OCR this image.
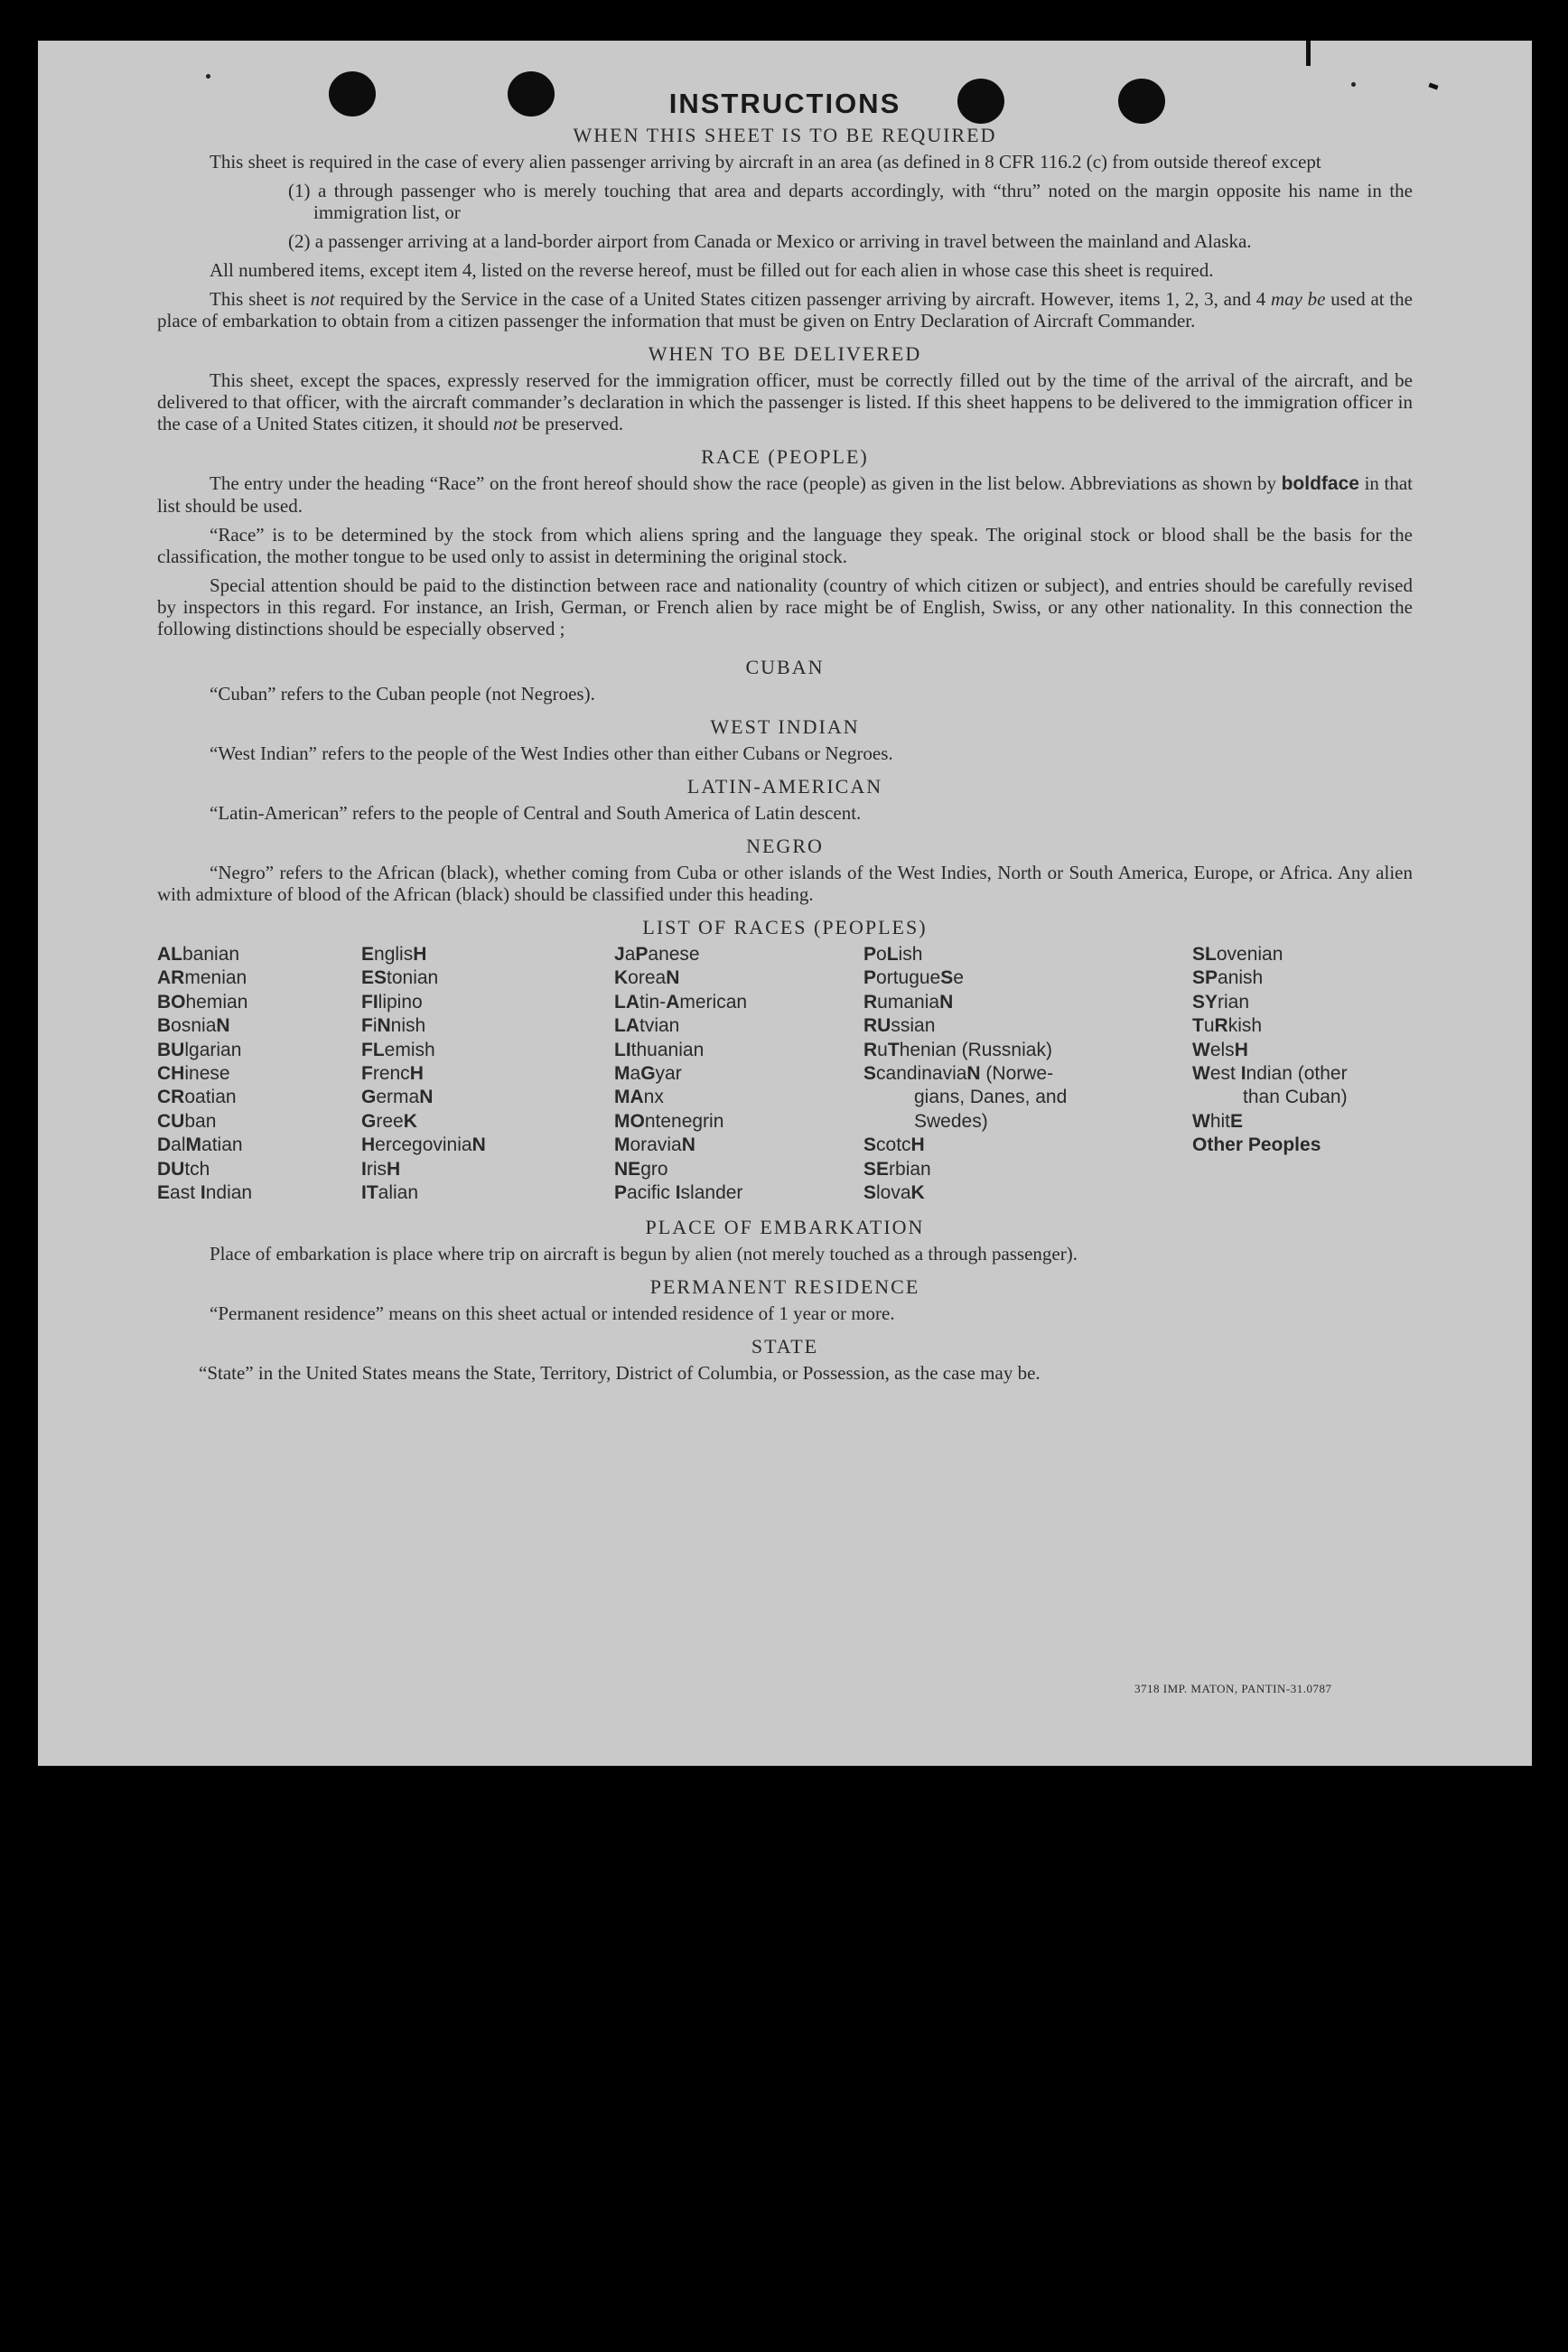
INSTRUCTIONS
WHEN THIS SHEET IS TO BE REQUIRED

This sheet is required in the case of every alien passenger arriving by aircraft in an area (as defined in 8 CFR 116.2 (c) from outside thereof except

(1) a through passenger who is merely touching that area and departs accordingly, with “thru” noted on the margin opposite his name in the immigration list, or

(2) a passenger arriving at a land-border airport from Canada or Mexico or arriving in travel between the mainland and Alaska.

All numbered items, except item 4, listed on the reverse hereof, must be filled out for each alien in whose case this sheet is required.

This sheet is not required by the Service in the case of a United States citizen passenger arriving by aircraft. However, items 1, 2, 3, and 4 may be used at the place of embarkation to obtain from a citizen passenger the information that must be given on Entry Declaration of Aircraft Commander.

WHEN TO BE DELIVERED

This sheet, except the spaces, expressly reserved for the immigration officer, must be correctly filled out by the time of the arrival of the aircraft, and be delivered to that officer, with the aircraft commander’s declaration in which the passenger is listed. If this sheet happens to be delivered to the immigration officer in the case of a United States citizen, it should not be preserved.

RACE (PEOPLE)

The entry under the heading “Race” on the front hereof should show the race (people) as given in the list below. Abbreviations as shown by boldface in that list should be used.

“Race” is to be determined by the stock from which aliens spring and the language they speak. The original stock or blood shall be the basis for the classification, the mother tongue to be used only to assist in determining the original stock.

Special attention should be paid to the distinction between race and nationality (country of which citizen or subject), and entries should be carefully revised by inspectors in this regard. For instance, an Irish, German, or French alien by race might be of English, Swiss, or any other nationality. In this connection the following distinctions should be especially observed ;

CUBAN

“Cuban” refers to the Cuban people (not Negroes).

WEST INDIAN

“West Indian” refers to the people of the West Indies other than either Cubans or Negroes.

LATIN-AMERICAN

“Latin-American” refers to the people of Central and South America of Latin descent.

NEGRO

“Negro” refers to the African (black), whether coming from Cuba or other islands of the West Indies, North or South America, Europe, or Africa. Any alien with admixture of blood of the African (black) should be classified under this heading.

LIST OF RACES (PEOPLES)
ALbanian
ARmenian
BOhemian
BosniaN
BUlgarian
CHinese
CRoatian
CUban
DalMatian
DUtch
East Indian
EnglisH
EStonian
FIlipino
FiNnish
FLemish
FrencH
GermaN
GreeK
HercegoviniaN
IrisH
ITalian
JaPanese
KoreaN
LAtin-American
LAtvian
LIthuanian
MaGyar
MAnx
MOntenegrin
MoraviaN
NEgro
Pacific Islander
PoLish
PortugueSe
RumaniaN
RUssian
RuThenian (Russniak)
ScandinaviaN (Norwe-
gians, Danes, and
Swedes)
ScotcH
SErbian
SlovaK
SLovenian
SPanish
SYrian
TuRkish
WelsH
West Indian (other
than Cuban)
WhitE
Other Peoples
PLACE OF EMBARKATION

Place of embarkation is place where trip on aircraft is begun by alien (not merely touched as a through passenger).

PERMANENT RESIDENCE

“Permanent residence” means on this sheet actual or intended residence of 1 year or more.

STATE

“State” in the United States means the State, Territory, District of Columbia, or Possession, as the case may be.

3718 IMP. MATON, PANTIN-31.0787
